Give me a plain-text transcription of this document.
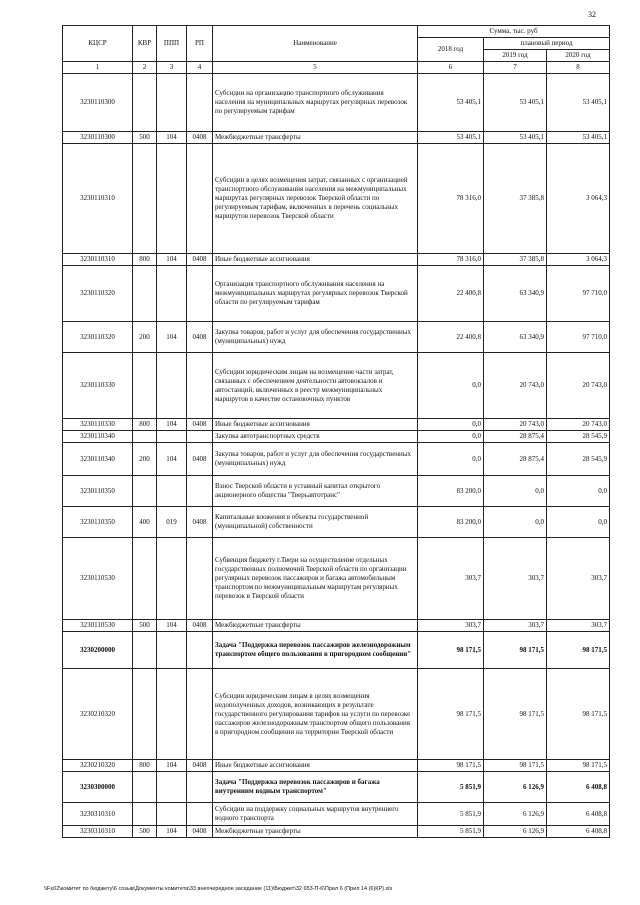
32
КЦСР	КВР	ППП	РП	Наименование	Сумма, тыс. руб		
					2018 год	плановый период	
						2019 год	2020 год
1	2	3	4	5	6	7	8
3230110300				Субсидии на организацию транспортного обслуживания населения на муниципальных маршрутах регулярных перевозок по регулируемым тарифам	53 405,1	53 405,1	53 405,1
3230110300	500	104	0408	Межбюджетные трансферты	53 405,1	53 405,1	53 405,1
3230110310				Субсидии в целях возмещения затрат, связанных с организацией транспортного обслуживания населения на межмуниципальных маршрутах регулярных перевозок Тверской области по регулируемым тарифам, включенных в перечень социальных маршрутов перевозок Тверской области	78 316,0	37 385,8	3 064,3
3230110310	800	104	0408	Иные бюджетные ассигнования	78 316,0	37 385,8	3 064,3
3230110320				Организация транспортного обслуживания населения на межмуниципальных маршрутах регулярных перевозок Тверской области по регулируемым тарифам	22 400,8	63 340,9	97 710,0
3230110320	200	104	0408	Закупка товаров, работ и услуг для обеспечения государственных (муниципальных) нужд	22 400,8	63 340,9	97 710,0
3230110330				Субсидии юридическим лицам на возмещение части затрат, связанных с обеспечением деятельности автовокзалов и автостанций, включенных в реестр межмуниципальных маршрутов в качестве остановочных пунктов	0,0	20 743,0	20 743,0
3230110330	800	104	0408	Иные бюджетные ассигнования	0,0	20 743,0	20 743,0
3230110340				Закупка автотранспортных средств	0,0	28 875,4	28 545,9
3230110340	200	104	0408	Закупка товаров, работ и услуг для обеспечения государственных (муниципальных) нужд	0,0	28 875,4	28 545,9
3230110350				Взнос Тверской области в уставный капитал открытого акционерного общества "Тверьавтотранс"	83 200,0	0,0	0,0
3230110350	400	019	0408	Капитальные вложения в объекты государственной (муниципальной) собственности	83 200,0	0,0	0,0
3230110530				Субвенция бюджету г.Твери на осуществление отдельных государственных полномочий Тверской области по организации регулярных перевозок пассажиров и багажа автомобильным транспортом по межмуниципальным маршрутам регулярных перевозок в Тверской области	303,7	303,7	303,7
3230110530	500	104	0408	Межбюджетные трансферты	303,7	303,7	303,7
3230200000				Задача "Поддержка перевозок пассажиров железнодорожным транспортом общего пользования в пригородном сообщении"	98 171,5	98 171,5	98 171,5
3230210320				Субсидии юридическим лицам в целях возмещения недополученных доходов, возникающих в результате государственного регулирования тарифов на услуги по перевозке пассажиров железнодорожным транспортом общего пользования в пригородном сообщении на территории Тверской области	98 171,5	98 171,5	98 171,5
3230210320	800	104	0408	Иные бюджетные ассигнования	98 171,5	98 171,5	98 171,5
3230300000				Задача "Поддержка перевозок пассажиров и багажа внутренним водным транспортом"	5 851,9	6 126,9	6 408,8
3230310310				Субсидии на поддержку социальных маршрутов внутреннего водного транспорта	5 851,9	6 126,9	6 408,8
3230310310	500	104	0408	Межбюджетные трансферты	5 851,9	6 126,9	6 408,8
\\Fs02\комитет по бюджету\6 созыв\Документы комитета\33 внеочередное заседание (11)\Бюджет\32 653-П-6\Прил 6 (Прил 14 (6)КР).xls
